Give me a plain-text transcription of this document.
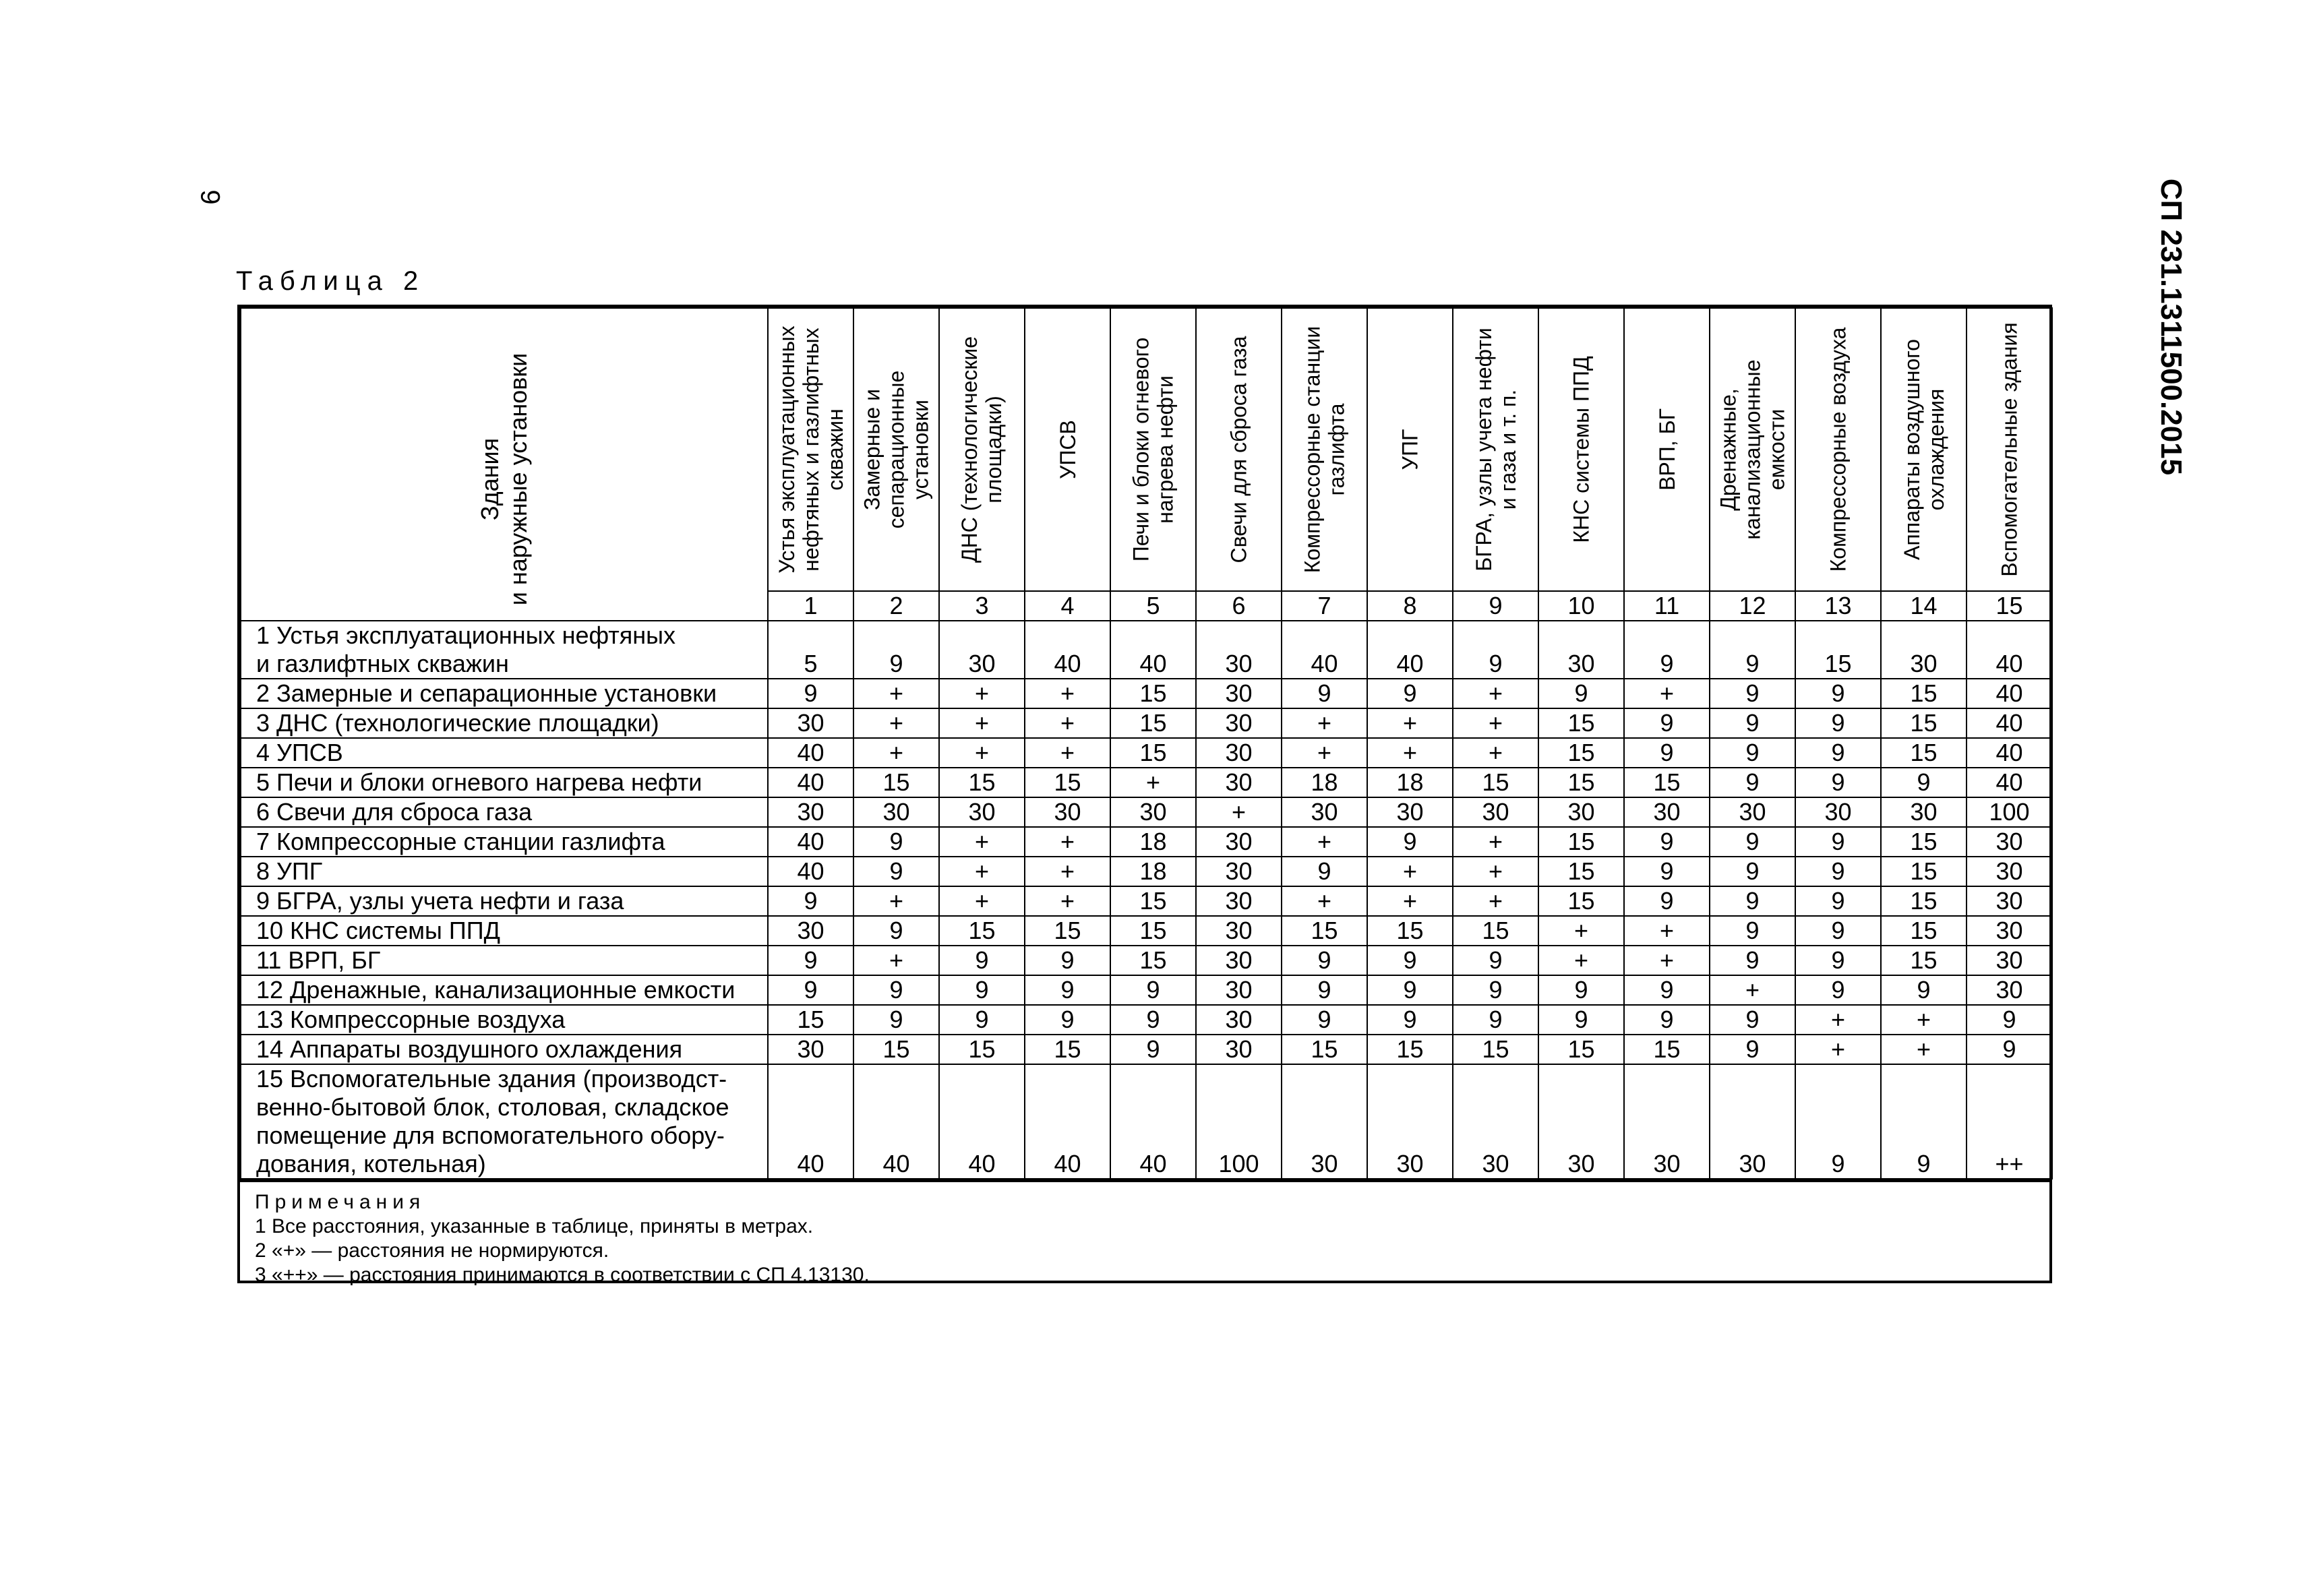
9	СП 231.1311500.2015
Таблица 2
Здания
и наружные установки	Устья эксплуатационных
нефтяных и газлифтных
скважин	Замерные и
сепарационные
установки	ДНС (технологические
площадки)	УПСВ	Печи и блоки огневого
нагрева нефти	Свечи для сброса газа	Компрессорные станции
газлифта	УПГ	БГРА, узлы учета нефти
и газа и т. п.	КНС системы ППД	ВРП, БГ	Дренажные,
канализационные
емкости	Компрессорные воздуха	Аппараты воздушного
охлаждения	Вспомогательные здания

	1	2	3	4	5	6	7	8	9	10	11	12	13	14	15
1 Устья эксплуатационных нефтяных
и газлифтных скважин	5	9	30	40	40	30	40	40	9	30	9	9	15	30	40
2 Замерные и сепарационные установки	9	+	+	+	15	30	9	9	+	9	+	9	9	15	40
3 ДНС (технологические площадки)	30	+	+	+	15	30	+	+	+	15	9	9	9	15	40
4 УПСВ	40	+	+	+	15	30	+	+	+	15	9	9	9	15	40
5 Печи и блоки огневого нагрева нефти	40	15	15	15	+	30	18	18	15	15	15	9	9	9	40
6 Свечи для сброса газа	30	30	30	30	30	+	30	30	30	30	30	30	30	30	100
7 Компрессорные станции газлифта	40	9	+	+	18	30	+	9	+	15	9	9	9	15	30
8 УПГ	40	9	+	+	18	30	9	+	+	15	9	9	9	15	30
9 БГРА, узлы учета нефти и газа	9	+	+	+	15	30	+	+	+	15	9	9	9	15	30
10 КНС системы ППД	30	9	15	15	15	30	15	15	15	+	+	9	9	15	30
11 ВРП, БГ	9	+	9	9	15	30	9	9	9	+	+	9	9	15	30
12 Дренажные, канализационные емкости	9	9	9	9	9	30	9	9	9	9	9	+	9	9	30
13 Компрессорные воздуха	15	9	9	9	9	30	9	9	9	9	9	9	+	+	9
14 Аппараты воздушного охлаждения	30	15	15	15	9	30	15	15	15	15	15	9	+	+	9
15 Вспомогательные здания (производст-
венно-бытовой блок, столовая, складское
помещение для вспомогательного обору-
дования, котельная)	40	40	40	40	40	100	30	30	30	30	30	30	9	9	++
Примечания
1 Все расстояния, указанные в таблице, приняты в метрах.
2 «+» — расстояния не нормируются.
3 «++» — расстояния принимаются в соответствии с СП 4.13130.
